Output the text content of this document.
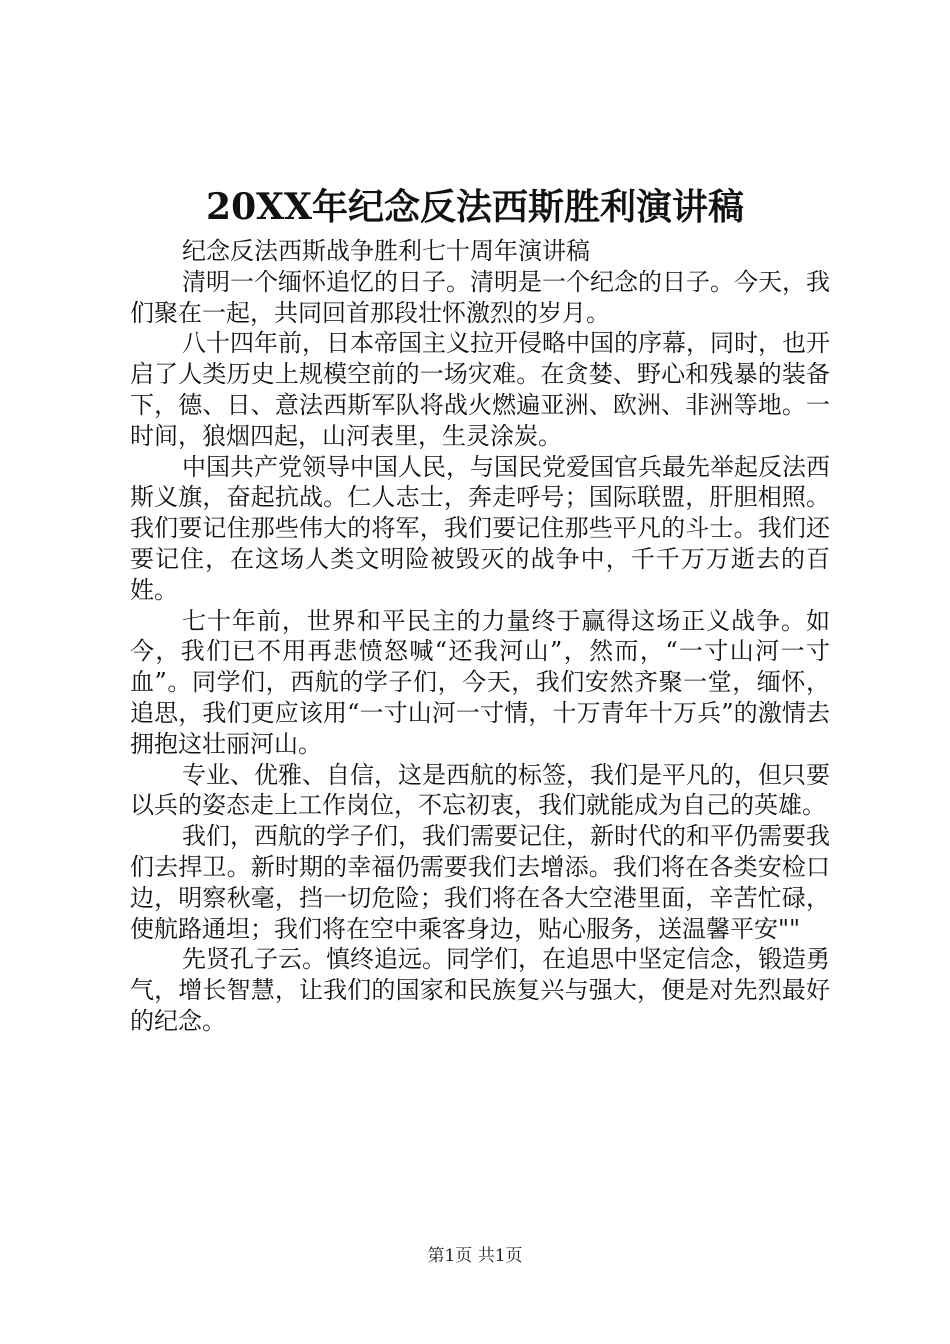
20XX年纪念反法西斯胜利演讲稿

纪念反法西斯战争胜利七十周年演讲稿

清明一个缅怀追忆的日子。清明是一个纪念的日子。今天，我们聚在一起，共同回首那段壮怀激烈的岁月。

八十四年前，日本帝国主义拉开侵略中国的序幕，同时，也开启了人类历史上规模空前的一场灾难。在贪婪、野心和残暴的装备下，德、日、意法西斯军队将战火燃遍亚洲、欧洲、非洲等地。一时间，狼烟四起，山河表里，生灵涂炭。

中国共产党领导中国人民，与国民党爱国官兵最先举起反法西斯义旗，奋起抗战。仁人志士，奔走呼号；国际联盟，肝胆相照。我们要记住那些伟大的将军，我们要记住那些平凡的斗士。我们还要记住，在这场人类文明险被毁灭的战争中，千千万万逝去的百姓。

七十年前，世界和平民主的力量终于赢得这场正义战争。如今，我们已不用再悲愤怒喊“还我河山”，然而，“一寸山河一寸血”。同学们，西航的学子们，今天，我们安然齐聚一堂，缅怀，追思，我们更应该用“一寸山河一寸情，十万青年十万兵”的激情去拥抱这壮丽河山。

专业、优雅、自信，这是西航的标签，我们是平凡的，但只要以兵的姿态走上工作岗位，不忘初衷，我们就能成为自己的英雄。

我们，西航的学子们，我们需要记住，新时代的和平仍需要我们去捍卫。新时期的幸福仍需要我们去增添。我们将在各类安检口边，明察秋毫，挡一切危险；我们将在各大空港里面，辛苦忙碌，使航路通坦；我们将在空中乘客身边，贴心服务，送温馨平安""

先贤孔子云。慎终追远。同学们，在追思中坚定信念，锻造勇气，增长智慧，让我们的国家和民族复兴与强大，便是对先烈最好的纪念。

第1页 共1页
